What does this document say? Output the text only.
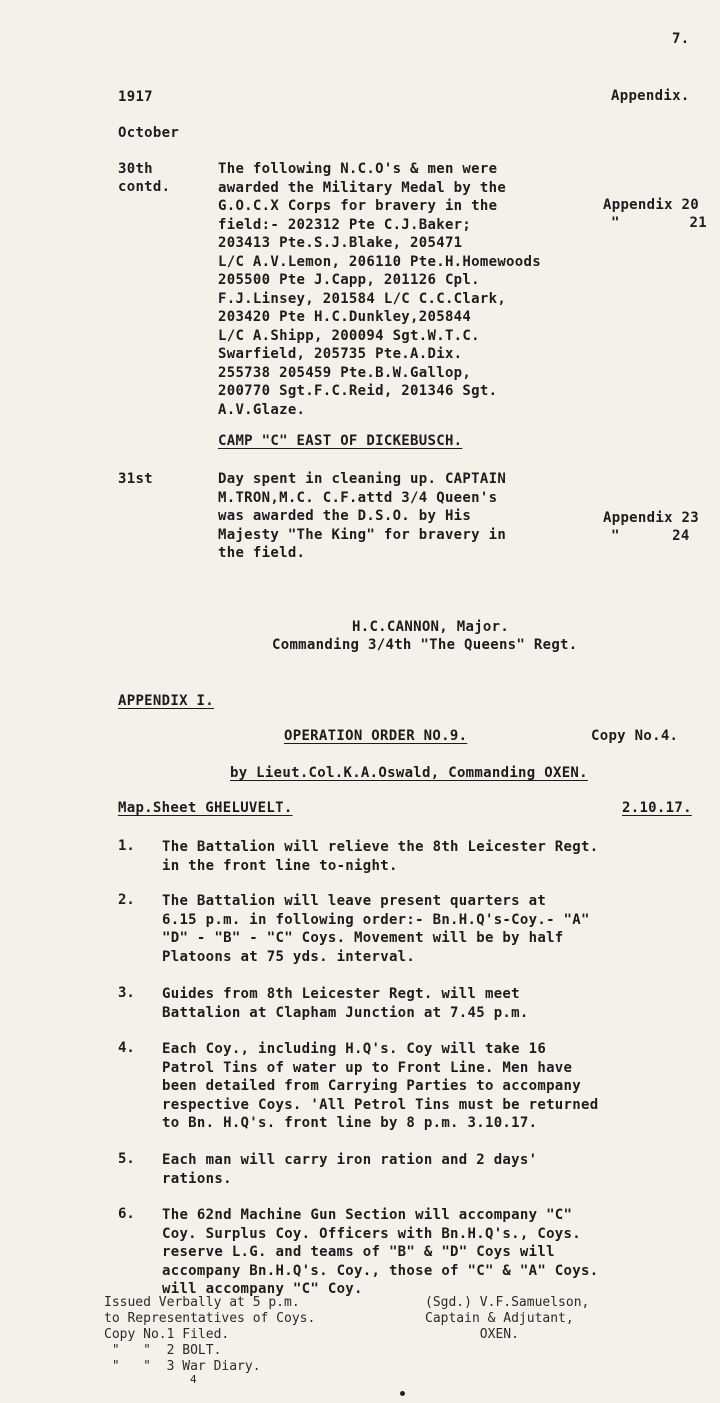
7.
1917	Appendix.
October
30th
contd.
The following N.C.O's & men were
awarded the Military Medal by the
G.O.C.X Corps for bravery in the
field:- 202312 Pte C.J.Baker;
203413 Pte.S.J.Blake, 205471
L/C A.V.Lemon, 206110 Pte.H.Homewoods
205500 Pte J.Capp, 201126 Cpl.
F.J.Linsey, 201584 L/C C.C.Clark,
203420 Pte H.C.Dunkley,205844
L/C A.Shipp, 200094 Sgt.W.T.C.
Swarfield, 205735 Pte.A.Dix.
255738 205459 Pte.B.W.Gallop,
200770 Sgt.F.C.Reid, 201346 Sgt.
A.V.Glaze.
Appendix 20
"        21
CAMP "C" EAST OF DICKEBUSCH.
31st	Day spent in cleaning up. CAPTAIN
M.TRON,M.C. C.F.attd 3/4 Queen's
was awarded the D.S.O. by His
Majesty "The King" for bravery in
the field.
Appendix 23
"      24
H.C.CANNON, Major.
Commanding 3/4th "The Queens" Regt.
APPENDIX I.
OPERATION ORDER NO.9.	Copy No.4.
by Lieut.Col.K.A.Oswald, Commanding OXEN.
Map.Sheet GHELUVELT.	2.10.17.
1. The Battalion will relieve the 8th Leicester Regt.
in the front line to-night.
2. The Battalion will leave present quarters at
6.15 p.m. in following order:- Bn.H.Q's-Coy.- "A"
"D" - "B" - "C" Coys. Movement will be by half
Platoons at 75 yds. interval.
3. Guides from 8th Leicester Regt. will meet
Battalion at Clapham Junction at 7.45 p.m.
4. Each Coy., including H.Q's. Coy will take 16
Patrol Tins of water up to Front Line. Men have
been detailed from Carrying Parties to accompany
respective Coys. 'All Petrol Tins must be returned
to Bn. H.Q's. front line by 8 p.m. 3.10.17.
5. Each man will carry iron ration and 2 days'
rations.
6. The 62nd Machine Gun Section will accompany "C"
Coy. Surplus Coy. Officers with Bn.H.Q's., Coys.
reserve L.G. and teams of "B" & "D" Coys will
accompany Bn.H.Q's. Coy., those of "C" & "A" Coys.
will accompany "C" Coy.
Issued Verbally at 5 p.m.
to Representatives of Coys.
Copy No.1 Filed.
"   "  2 BOLT.
"   "  3 War Diary.
4
(Sgd.) V.F.Samuelson,
Captain & Adjutant,
OXEN.
